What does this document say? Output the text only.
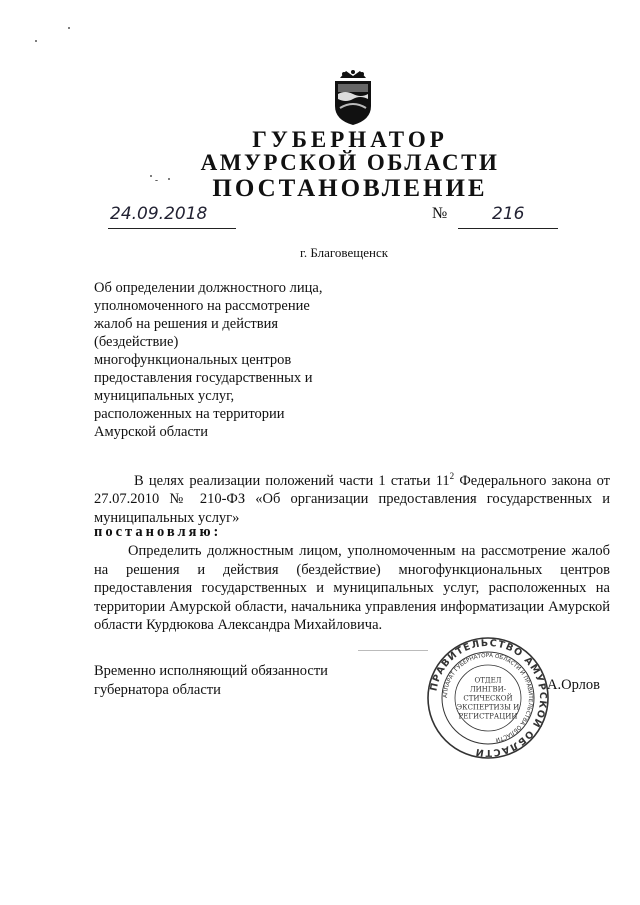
ГУБЕРНАТОР
АМУРСКОЙ ОБЛАСТИ
ПОСТАНОВЛЕНИЕ
24.09.2018	№	216
г. Благовещенск
Об определении должностного лица, уполномоченного на рассмотрение жалоб на решения и действия (бездействие) многофункциональных центров предоставления государственных и муниципальных услуг, расположенных на территории Амурской области
В целях реализации положений части 1 статьи $11^2$ Федерального закона от 27.07.2010 № 210-ФЗ «Об организации предоставления государственных и муниципальных услуг»
постановляю:
Определить должностным лицом, уполномоченным на рассмотрение жалоб на решения и действия (бездействие) многофункциональных центров предоставления государственных и муниципальных услуг, расположенных на территории Амурской области, начальника управления информатизации Амурской области Курдюкова Александра Михайловича.
Временно исполняющий обязанности
губернатора области	ПРАВИТЕЛЬСТВО АМУРСКОЙ ОБЛАСТИ
АППАРАТ ГУБЕРНАТОРА ОБЛАСТИ И ПРАВИТЕЛЬСТВА ОБЛАСТИ
ОТДЕЛ
ЛИНГВИ-
СТИЧЕСКОЙ
ЭКСПЕРТИЗЫ И
РЕГИСТРАЦИИ
А.Орлов
